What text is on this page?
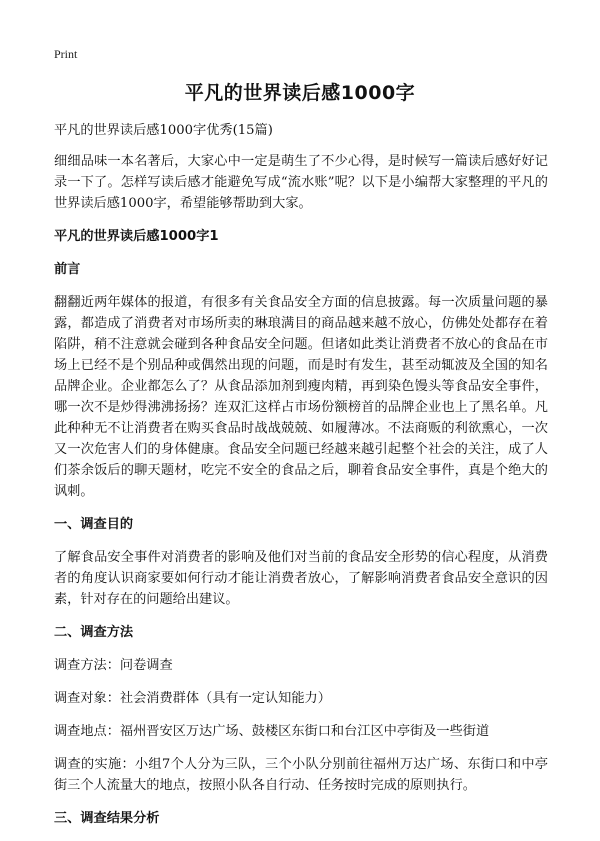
Print
平凡的世界读后感1000字

平凡的世界读后感1000字优秀(15篇)

细细品味一本名著后，大家心中一定是萌生了不少心得，是时候写一篇读后感好好记录一下了。怎样写读后感才能避免写成“流水账”呢？以下是小编帮大家整理的平凡的世界读后感1000字，希望能够帮助到大家。

平凡的世界读后感1000字1

前言

翻翻近两年媒体的报道，有很多有关食品安全方面的信息披露。每一次质量问题的暴露，都造成了消费者对市场所卖的琳琅满目的商品越来越不放心，仿佛处处都存在着陷阱，稍不注意就会碰到各种食品安全问题。但诸如此类让消费者不放心的食品在市场上已经不是个别品种或偶然出现的问题，而是时有发生，甚至动辄波及全国的知名品牌企业。企业都怎么了？从食品添加剂到瘦肉精，再到染色馒头等食品安全事件，哪一次不是炒得沸沸扬扬？连双汇这样占市场份额榜首的品牌企业也上了黑名单。凡此种种无不让消费者在购买食品时战战兢兢、如履薄冰。不法商贩的利欲熏心，一次又一次危害人们的身体健康。食品安全问题已经越来越引起整个社会的关注，成了人们茶余饭后的聊天题材，吃完不安全的食品之后，聊着食品安全事件，真是个绝大的讽刺。

一、调查目的

了解食品安全事件对消费者的影响及他们对当前的食品安全形势的信心程度，从消费者的角度认识商家要如何行动才能让消费者放心，了解影响消费者食品安全意识的因素，针对存在的问题给出建议。

二、调查方法

调查方法：问卷调查

调查对象：社会消费群体（具有一定认知能力）

调查地点：福州晋安区万达广场、鼓楼区东街口和台江区中亭街及一些街道

调查的实施：小组7个人分为三队，三个小队分别前往福州万达广场、东街口和中亭街三个人流量大的地点，按照小队各自行动、任务按时完成的原则执行。

三、调查结果分析
